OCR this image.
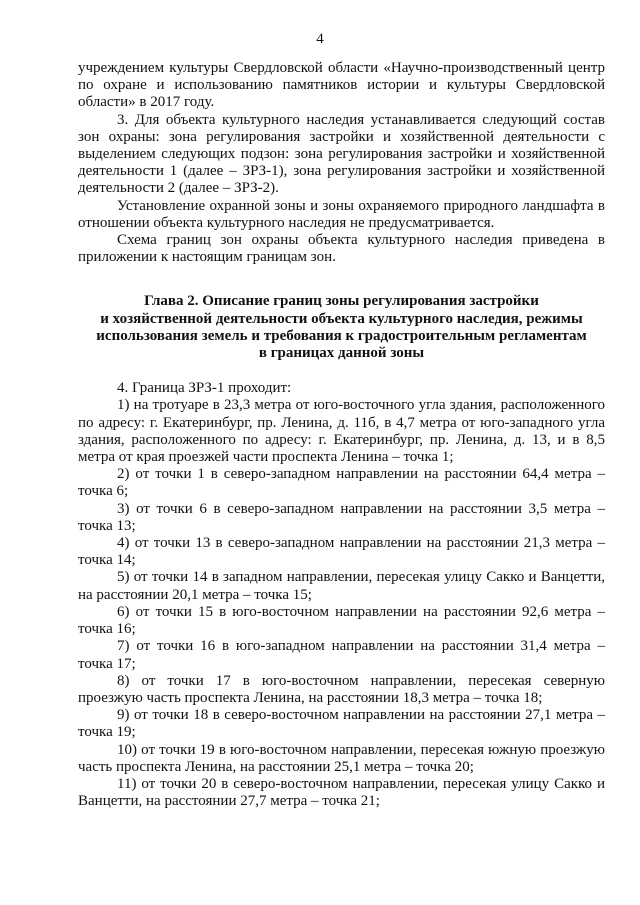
4

учреждением культуры Свердловской области «Научно-производственный центр по охране и использованию памятников истории и культуры Свердловской области» в 2017 году.

3. Для объекта культурного наследия устанавливается следующий состав зон охраны: зона регулирования застройки и хозяйственной деятельности с выделением следующих подзон: зона регулирования застройки и хозяйственной деятельности 1 (далее – ЗРЗ-1), зона регулирования застройки и хозяйственной деятельности 2 (далее – ЗРЗ-2).

Установление охранной зоны и зоны охраняемого природного ландшафта в отношении объекта культурного наследия не предусматривается.

Схема границ зон охраны объекта культурного наследия приведена в приложении к настоящим границам зон.

Глава 2. Описание границ зоны регулирования застройки
и хозяйственной деятельности объекта культурного наследия, режимы
использования земель и требования к градостроительным регламентам
в границах данной зоны

4. Граница ЗРЗ-1 проходит:

1) на тротуаре в 23,3 метра от юго-восточного угла здания, расположенного по адресу: г. Екатеринбург, пр. Ленина, д. 11б, в 4,7 метра от юго-западного угла здания, расположенного по адресу: г. Екатеринбург, пр. Ленина, д. 13, и в 8,5 метра от края проезжей части проспекта Ленина – точка 1;

2) от точки 1 в северо-западном направлении на расстоянии 64,4 метра – точка 6;

3) от точки 6 в северо-западном направлении на расстоянии 3,5 метра – точка 13;

4) от точки 13 в северо-западном направлении на расстоянии 21,3 метра – точка 14;

5) от точки 14 в западном направлении, пересекая улицу Сакко и Ванцетти, на расстоянии 20,1 метра – точка 15;

6) от точки 15 в юго-восточном направлении на расстоянии 92,6 метра – точка 16;

7) от точки 16 в юго-западном направлении на расстоянии 31,4 метра – точка 17;

8) от точки 17 в юго-восточном направлении, пересекая северную проезжую часть проспекта Ленина, на расстоянии 18,3 метра – точка 18;

9) от точки 18 в северо-восточном направлении на расстоянии 27,1 метра – точка 19;

10) от точки 19 в юго-восточном направлении, пересекая южную проезжую часть проспекта Ленина, на расстоянии 25,1 метра – точка 20;

11) от точки 20 в северо-восточном направлении, пересекая улицу Сакко и Ванцетти, на расстоянии 27,7 метра – точка 21;
